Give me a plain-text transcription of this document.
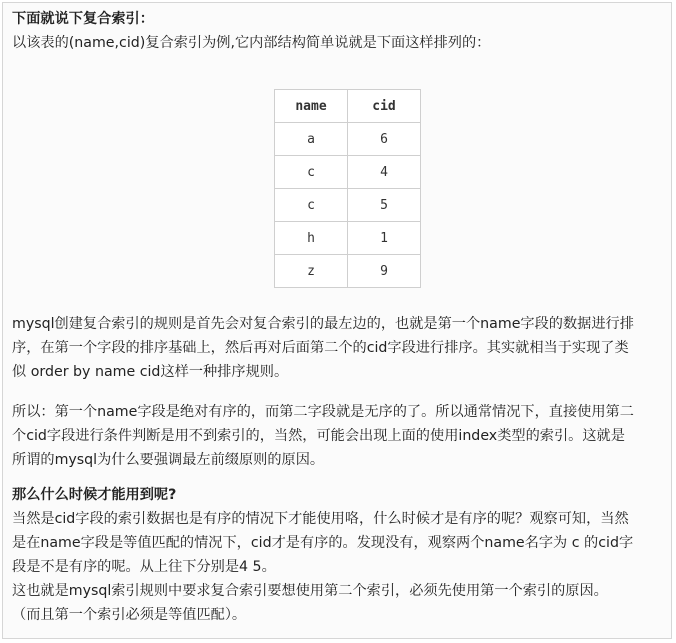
下面就说下复合索引：

以该表的(name,cid)复合索引为例,它内部结构简单说就是下面这样排列的：

name	cid
a	6
c	4
c	5
h	1
z	9
mysql创建复合索引的规则是首先会对复合索引的最左边的，也就是第一个name字段的数据进行排
序，在第一个字段的排序基础上，然后再对后面第二个的cid字段进行排序。其实就相当于实现了类
似 order by name cid这样一种排序规则。
所以：第一个name字段是绝对有序的，而第二字段就是无序的了。所以通常情况下，直接使用第二
个cid字段进行条件判断是用不到索引的，当然，可能会出现上面的使用index类型的索引。这就是
所谓的mysql为什么要强调最左前缀原则的原因。

那么什么时候才能用到呢?

当然是cid字段的索引数据也是有序的情况下才能使用咯，什么时候才是有序的呢？观察可知，当然
是在name字段是等值匹配的情况下，cid才是有序的。发现没有，观察两个name名字为 c 的cid字
段是不是有序的呢。从上往下分别是4 5。
这也就是mysql索引规则中要求复合索引要想使用第二个索引，必须先使用第一个索引的原因。
（而且第一个索引必须是等值匹配）。
